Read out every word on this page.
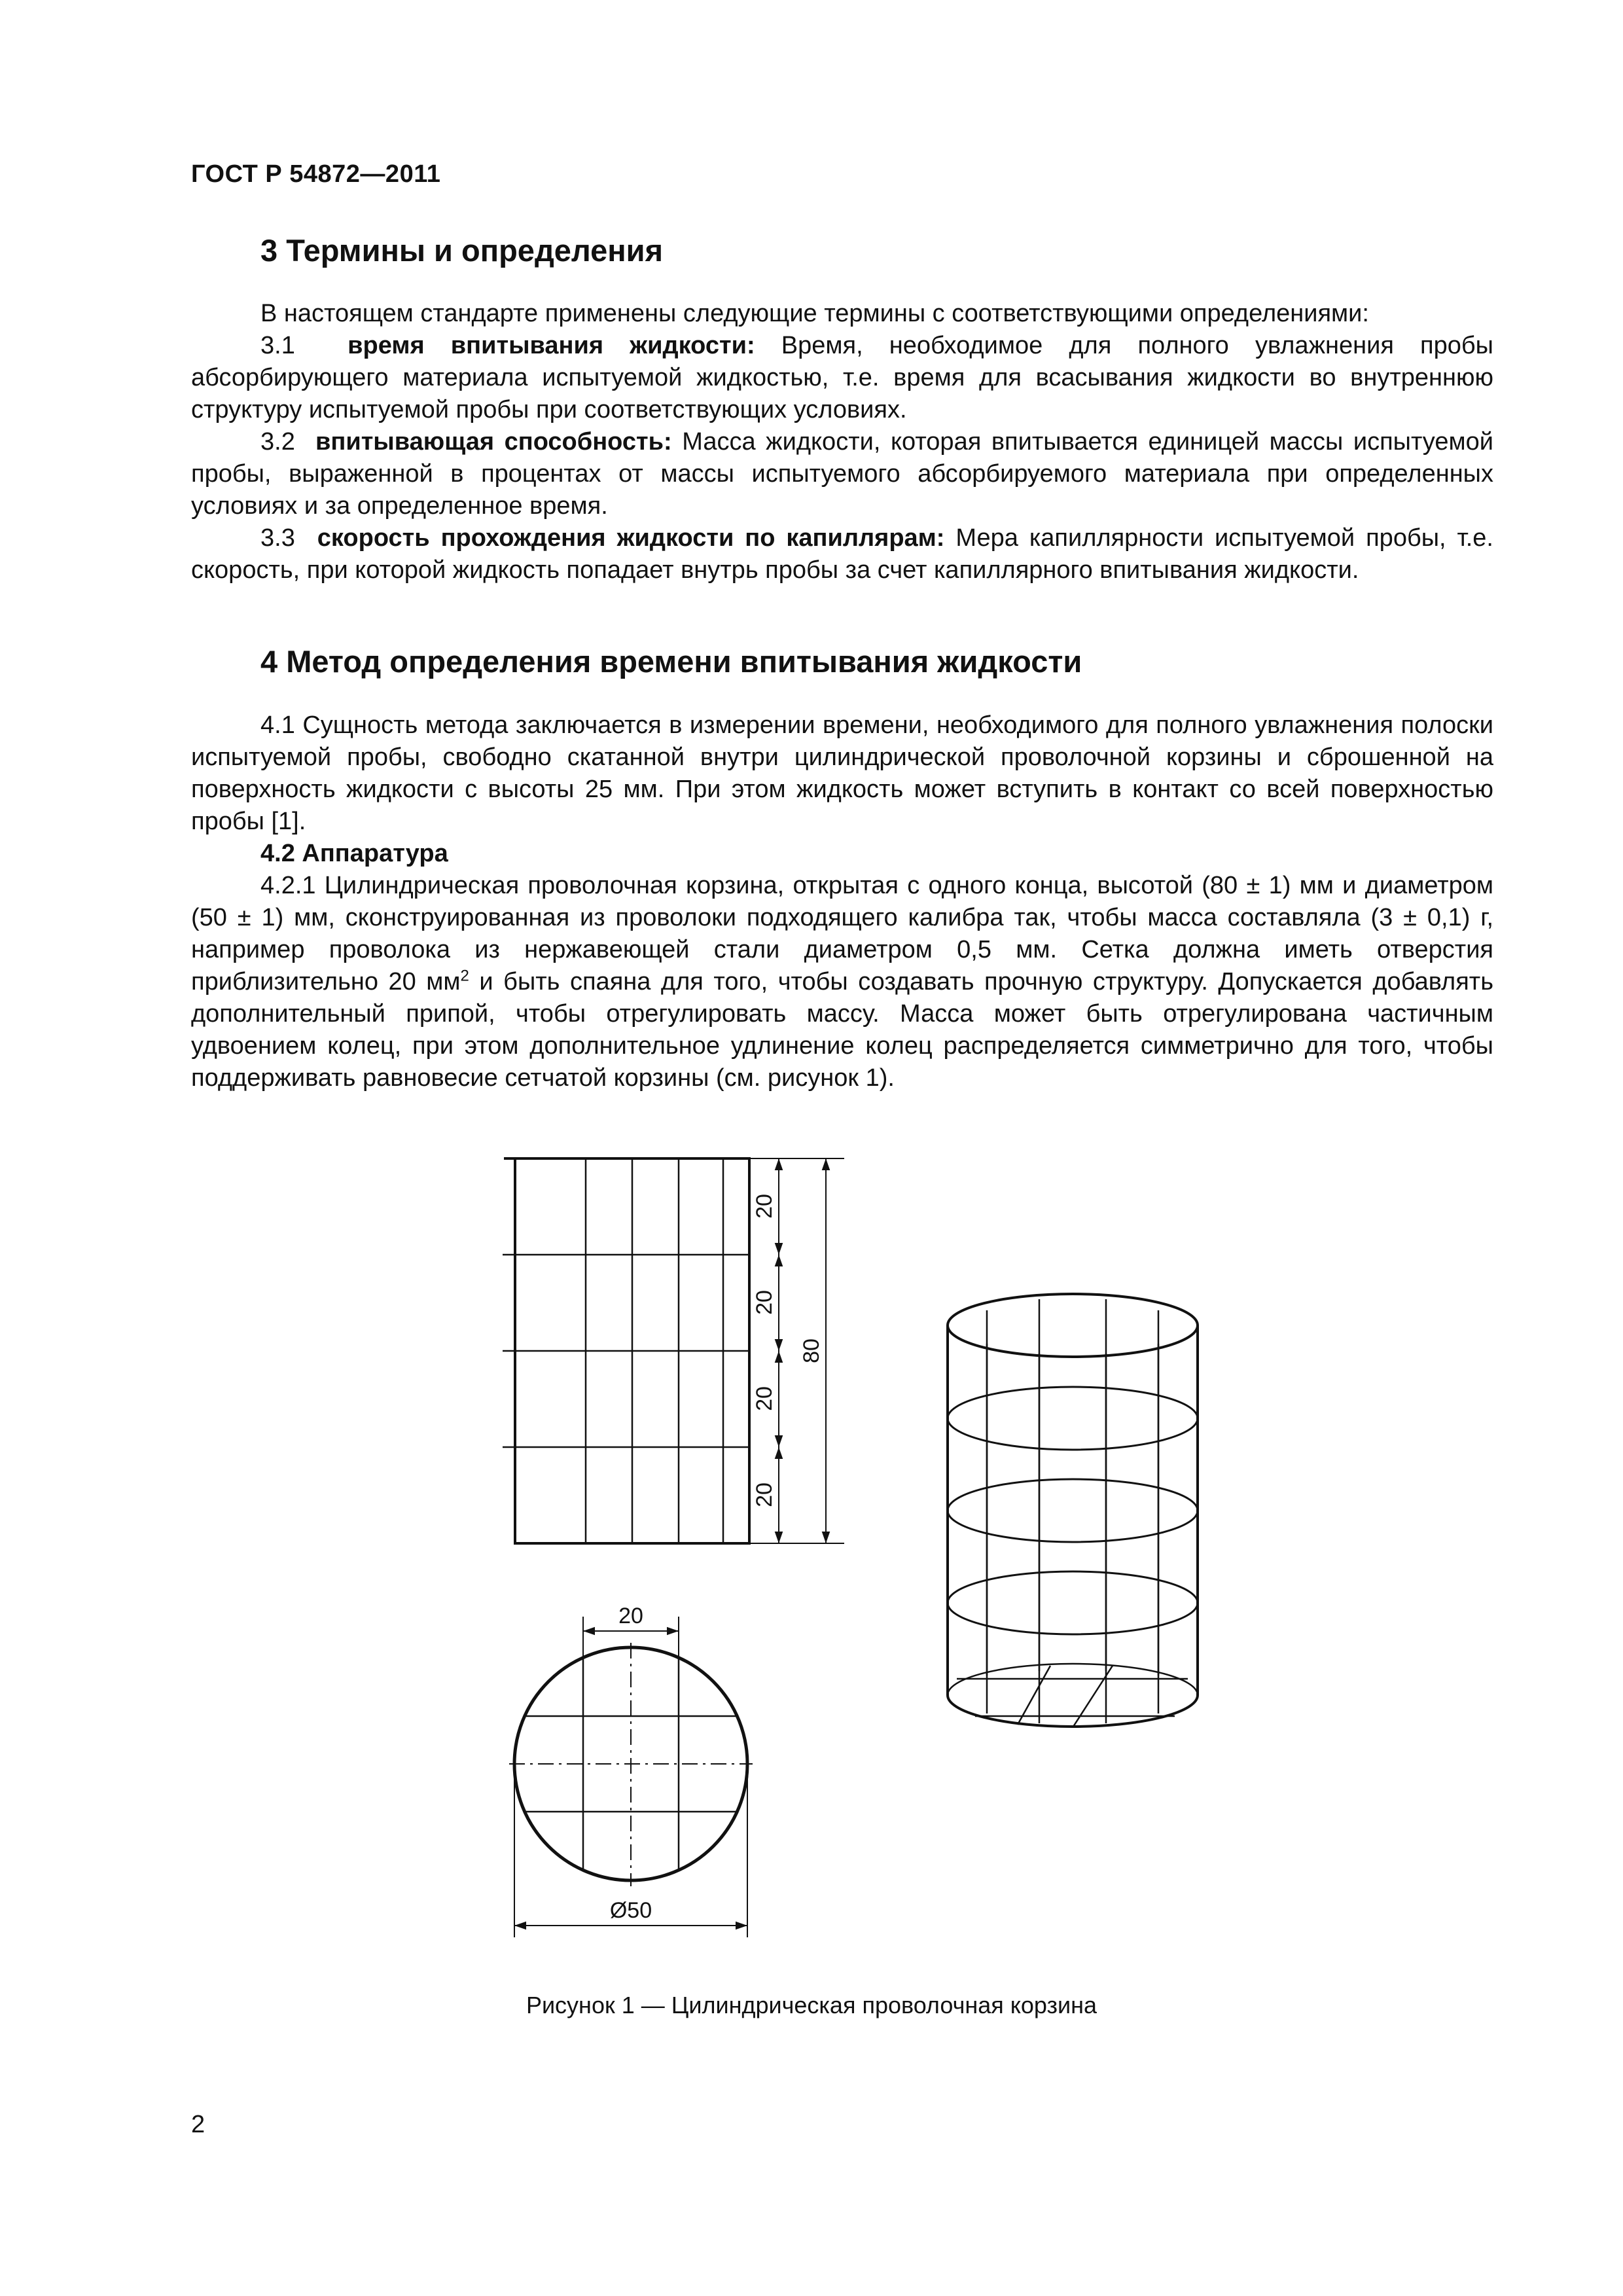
ГОСТ Р 54872—2011
3 Термины и определения

В настоящем стандарте применены следующие термины с соответствующими определениями:

3.1 время впитывания жидкости: Время, необходимое для полного увлажнения пробы абсорбирующего материала испытуемой жидкостью, т.е. время для всасывания жидкости во внутреннюю структуру испытуемой пробы при соответствующих условиях.

3.2 впитывающая способность: Масса жидкости, которая впитывается единицей массы испытуемой пробы, выраженной в процентах от массы испытуемого абсорбируемого материала при определенных условиях и за определенное время.

3.3 скорость прохождения жидкости по капиллярам: Мера капиллярности испытуемой пробы, т.е. скорость, при которой жидкость попадает внутрь пробы за счет капиллярного впитывания жидкости.

4 Метод определения времени впитывания жидкости

4.1 Сущность метода заключается в измерении времени, необходимого для полного увлажнения полоски испытуемой пробы, свободно скатанной внутри цилиндрической проволочной корзины и сброшенной на поверхность жидкости с высоты 25 мм. При этом жидкость может вступить в контакт со всей поверхностью пробы [1].

4.2 Аппаратура

4.2.1 Цилиндрическая проволочная корзина, открытая с одного конца, высотой (80 ± 1) мм и диаметром (50 ± 1) мм, сконструированная из проволоки подходящего калибра так, чтобы масса составляла (3 ± 0,1) г, например проволока из нержавеющей стали диаметром 0,5 мм. Сетка должна иметь отверстия приблизительно 20 $мм^2$ и быть спаяна для того, чтобы создавать прочную структуру. Допускается добавлять дополнительный припой, чтобы отрегулировать массу. Масса может быть отрегулирована частичным удвоением колец, при этом дополнительное удлинение колец распределяется симметрично для того, чтобы поддерживать равновесие сетчатой корзины (см. рисунок 1).

20
20
20
20
80
20
Ø50
Рисунок 1 — Цилиндрическая проволочная корзина
2
